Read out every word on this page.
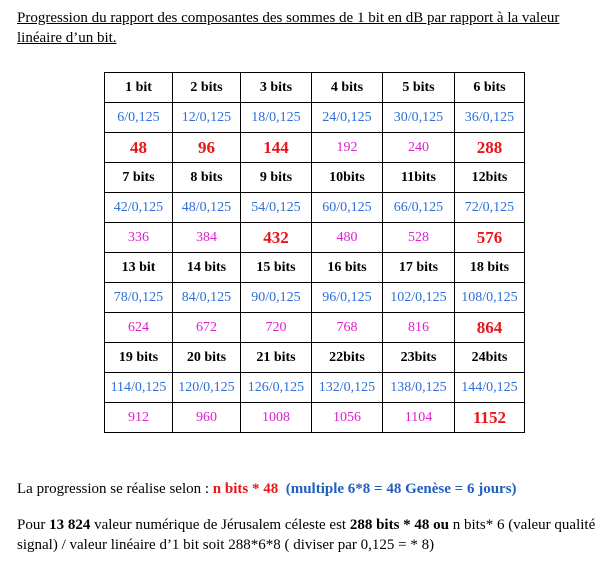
Progression du rapport des composantes des sommes de 1 bit en dB par rapport à la valeur linéaire d’un bit.
1 bit	2 bits	3 bits	4 bits	5 bits	6 bits
6/0,125	12/0,125	18/0,125	24/0,125	30/0,125	36/0,125
48	96	144	192	240	288
7 bits	8 bits	9 bits	10bits	11bits	12bits
42/0,125	48/0,125	54/0,125	60/0,125	66/0,125	72/0,125
336	384	432	480	528	576
13 bit	14 bits	15 bits	16 bits	17 bits	18 bits
78/0,125	84/0,125	90/0,125	96/0,125	102/0,125	108/0,125
624	672	720	768	816	864
19 bits	20 bits	21 bits	22bits	23bits	24bits
114/0,125	120/0,125	126/0,125	132/0,125	138/0,125	144/0,125
912	960	1008	1056	1104	1152
La progression se réalise selon : n bits * 48 (multiple 6*8 = 48 Genèse = 6 jours)
Pour 13 824 valeur numérique de Jérusalem céleste est 288 bits * 48 ou n bits* 6 (valeur qualité signal) / valeur linéaire d’1 bit soit 288*6*8 ( diviser par 0,125 = * 8)
